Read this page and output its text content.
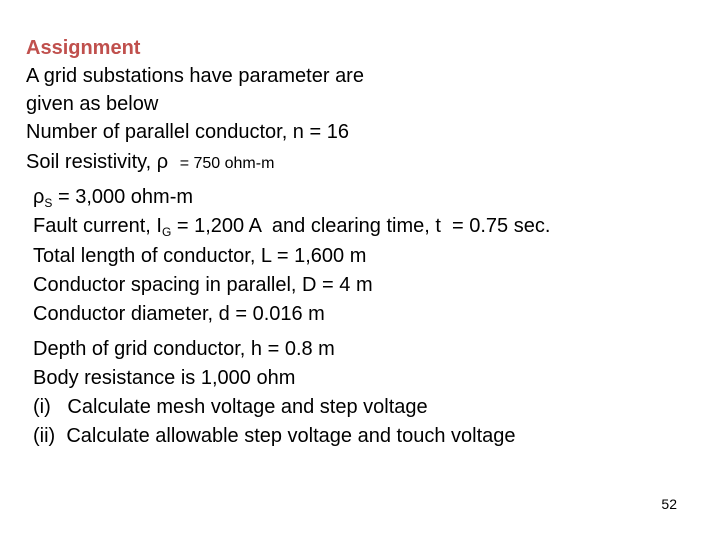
Assignment
A grid substations have parameter are
given as below
Number of parallel conductor, n = 16
Soil resistivity, ρ = 750 ohm-m
$\rho_S = 3,000$ ohm-m
Fault current, $I_G = 1,200$ A  and clearing time, t  = 0.75 sec.
Total length of conductor, L = 1,600 m
Conductor spacing in parallel, D = 4 m
Conductor diameter, d = 0.016 m
Depth of grid conductor, h = 0.8 m
Body resistance is 1,000 ohm
(i)   Calculate mesh voltage and step voltage
(ii)  Calculate allowable step voltage and touch voltage
52
